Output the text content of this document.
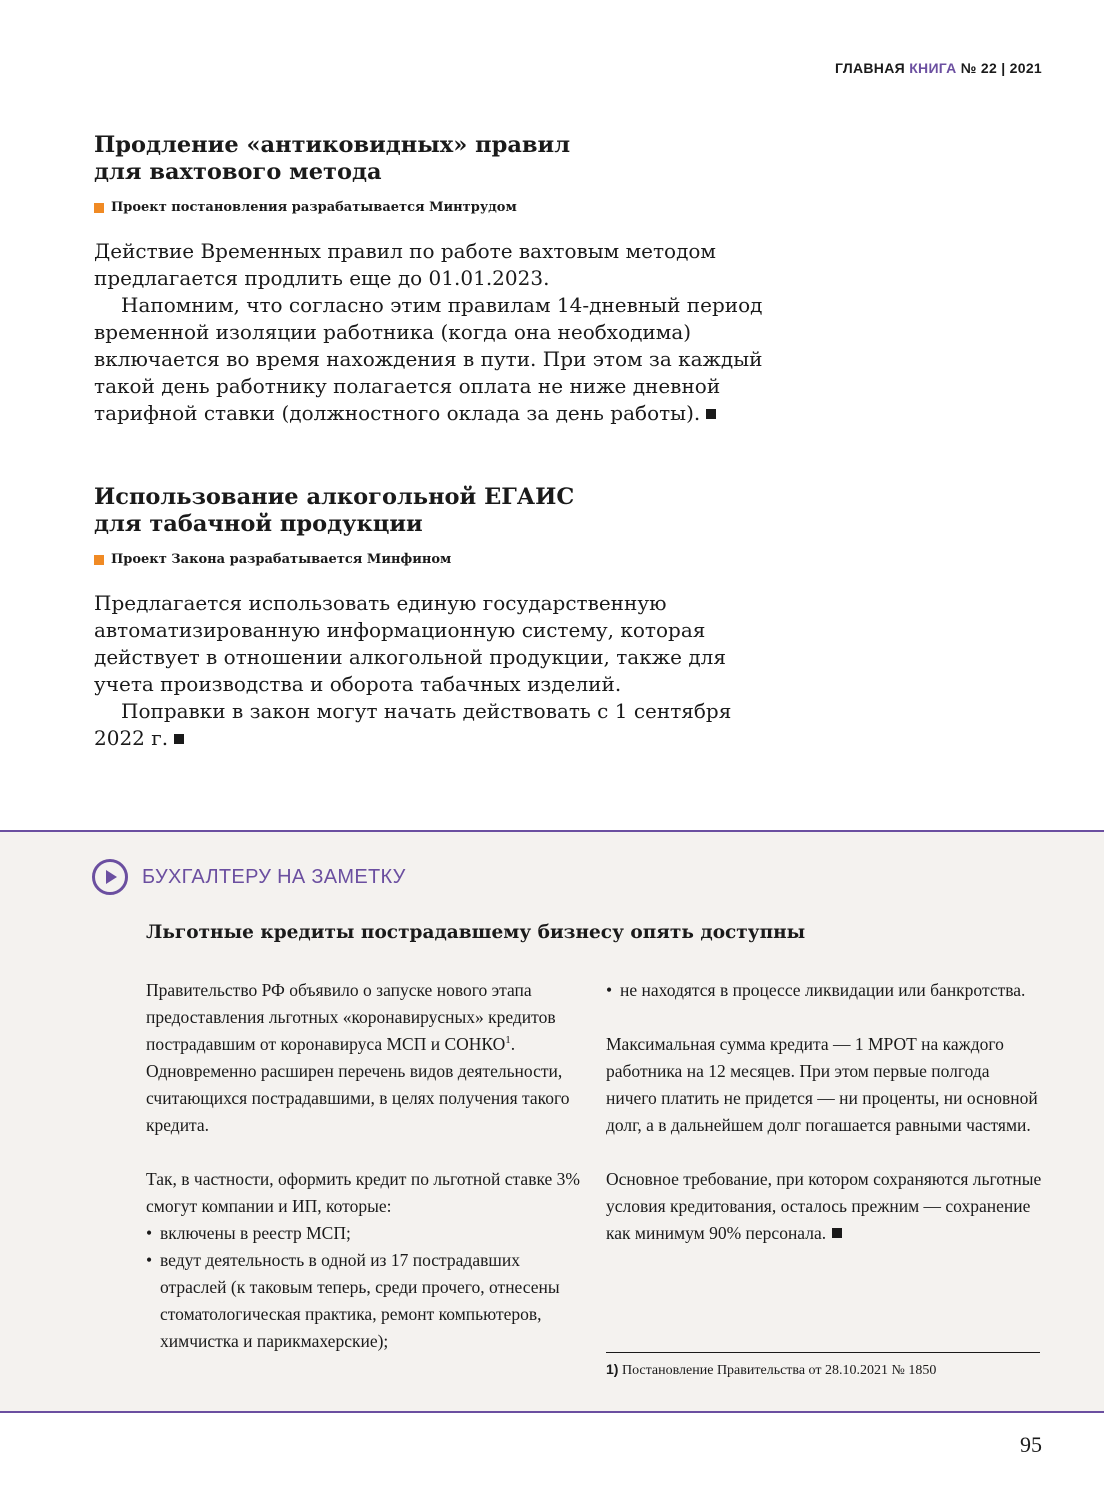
ГЛАВНАЯ КНИГА № 22 | 2021
Продление «антиковидных» правил
для вахтового метода
Проект постановления разрабатывается Минтрудом

Действие Временных правил по работе вахтовым методом предлагается продлить еще до 01.01.2023.

Напомним, что согласно этим правилам 14-дневный период временной изоляции работника (когда она необходима) включается во время нахождения в пути. При этом за каждый такой день работнику полагается оплата не ниже дневной тарифной ставки (должностного оклада за день работы).

Использование алкогольной ЕГАИС
для табачной продукции
Проект Закона разрабатывается Минфином

Предлагается использовать единую государственную автоматизированную информационную систему, которая действует в отношении алкогольной продукции, также для учета производства и оборота табачных изделий.

Поправки в закон могут начать действовать с 1 сентября 2022 г.

БУХГАЛТЕРУ НА ЗАМЕТКУ
Льготные кредиты пострадавшему бизнесу опять доступны

Правительство РФ объявило о запуске нового этапа предоставления льготных «коронавирусных» кредитов пострадавшим от коронавируса МСП и СОНКО$^1$. Одновременно расширен перечень видов деятельности, считающихся пострадавшими, в целях получения такого кредита.

Так, в частности, оформить кредит по льготной ставке 3% смогут компании и ИП, которые:

• включены в реестр МСП;
• ведут деятельность в одной из 17 пострадавших отраслей (к таковым теперь, среди прочего, отнесены стоматологическая практика, ремонт компьютеров, химчистка и парикмахерские);
• не находятся в процессе ликвидации или банкротства.

Максимальная сумма кредита — 1 МРОТ на каждого работника на 12 месяцев. При этом первые полгода ничего платить не придется — ни проценты, ни основной долг, а в дальнейшем долг погашается равными частями.

Основное требование, при котором сохраняются льготные условия кредитования, осталось прежним — сохранение как минимум 90% персонала.

1) Постановление Правительства от 28.10.2021 № 1850
95
